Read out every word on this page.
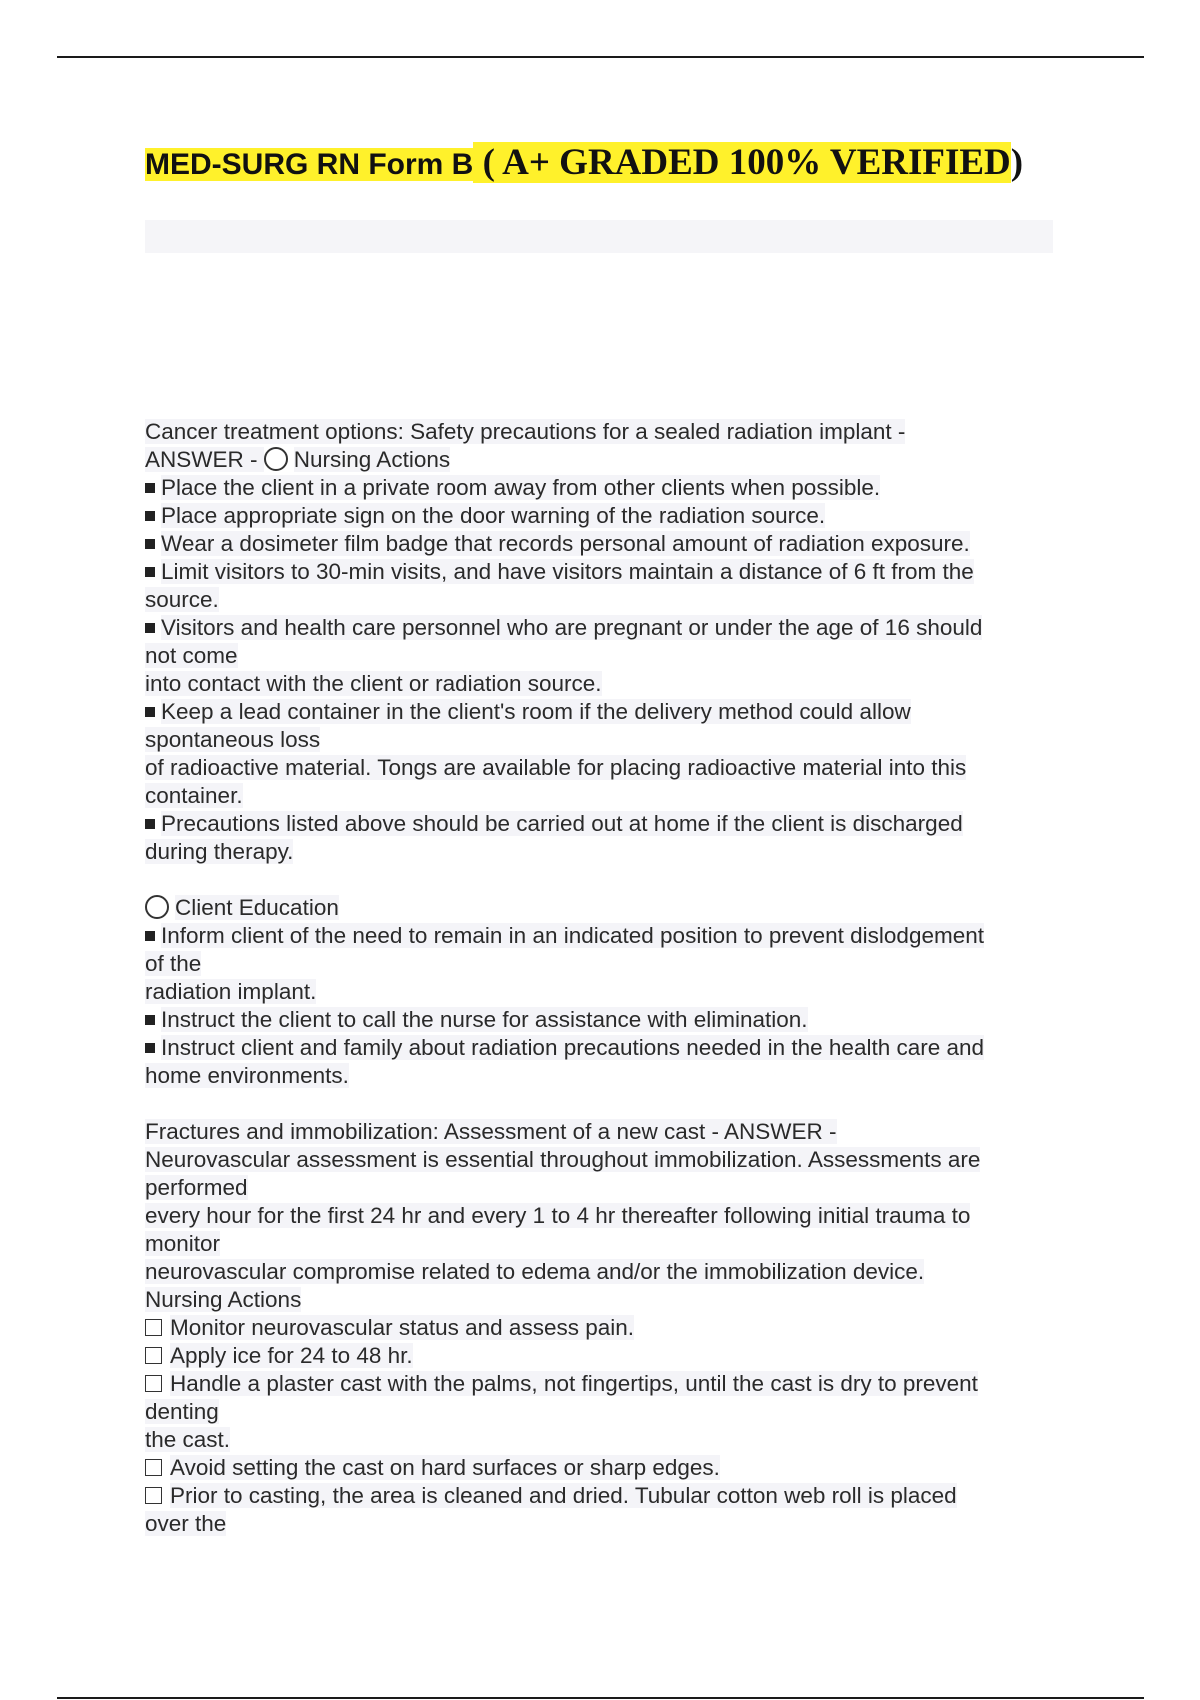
MED-SURG RN Form B ( A+ GRADED 100% VERIFIED)
Cancer treatment options: Safety precautions for a sealed radiation implant -
ANSWER - Nursing Actions
Place the client in a private room away from other clients when possible.
Place appropriate sign on the door warning of the radiation source.
Wear a dosimeter film badge that records personal amount of radiation exposure.
Limit visitors to 30-min visits, and have visitors maintain a distance of 6 ft from the
source.
Visitors and health care personnel who are pregnant or under the age of 16 should
not come
into contact with the client or radiation source.
Keep a lead container in the client's room if the delivery method could allow
spontaneous loss
of radioactive material. Tongs are available for placing radioactive material into this
container.
Precautions listed above should be carried out at home if the client is discharged
during therapy.
Client Education
Inform client of the need to remain in an indicated position to prevent dislodgement
of the
radiation implant.
Instruct the client to call the nurse for assistance with elimination.
Instruct client and family about radiation precautions needed in the health care and
home environments.
Fractures and immobilization: Assessment of a new cast - ANSWER -
Neurovascular assessment is essential throughout immobilization. Assessments are
performed
every hour for the first 24 hr and every 1 to 4 hr thereafter following initial trauma to
monitor
neurovascular compromise related to edema and/or the immobilization device.
Nursing Actions
Monitor neurovascular status and assess pain.
Apply ice for 24 to 48 hr.
Handle a plaster cast with the palms, not fingertips, until the cast is dry to prevent
denting
the cast.
Avoid setting the cast on hard surfaces or sharp edges.
Prior to casting, the area is cleaned and dried. Tubular cotton web roll is placed
over the
